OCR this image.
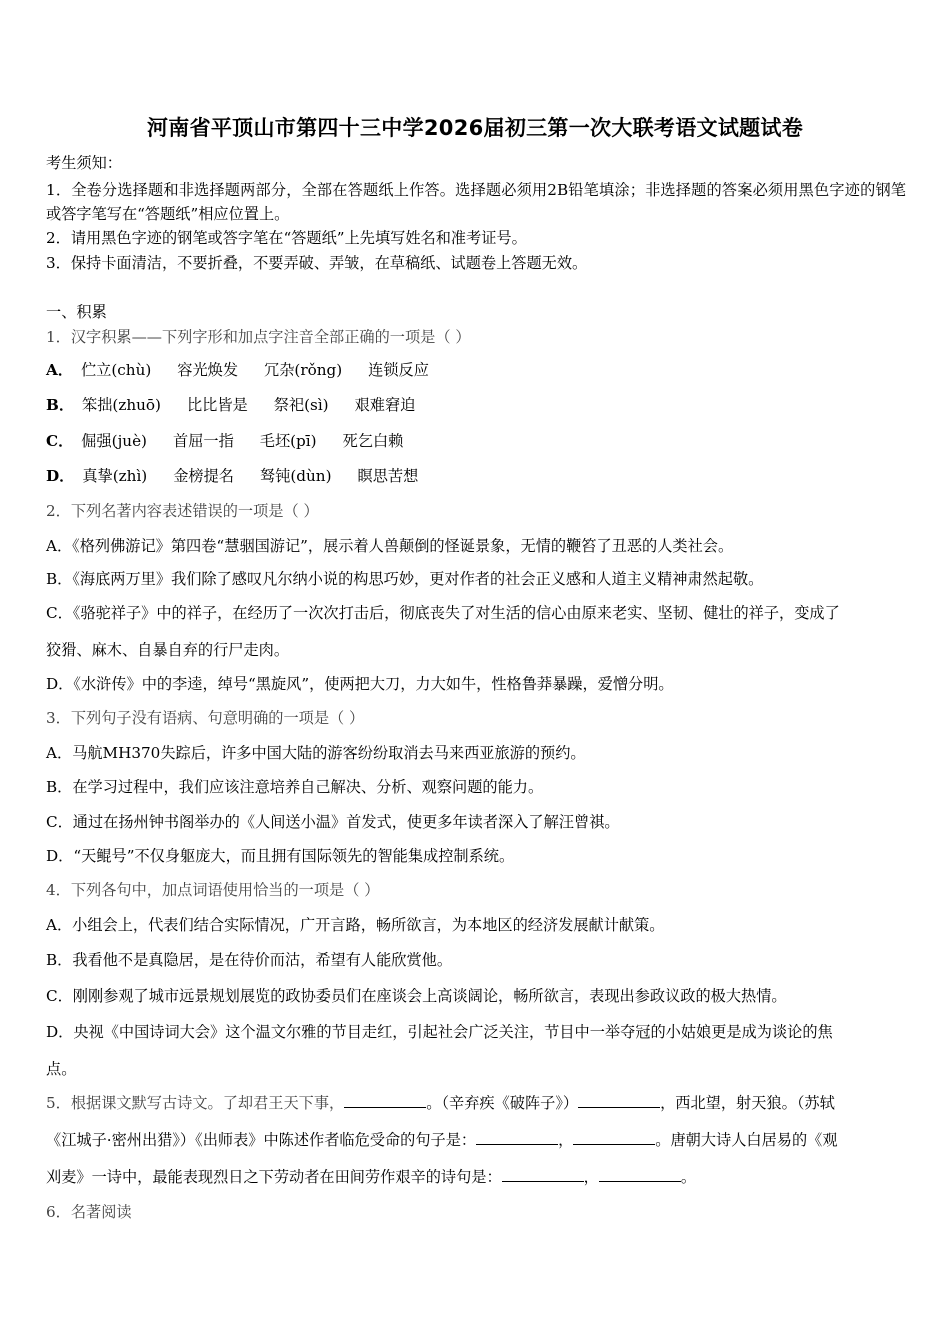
河南省平顶山市第四十三中学2026届初三第一次大联考语文试题试卷
考生须知：
1．全卷分选择题和非选择题两部分，全部在答题纸上作答。选择题必须用2B铅笔填涂；非选择题的答案必须用黑色字迹的钢笔或答字笔写在“答题纸”相应位置上。
2．请用黑色字迹的钢笔或答字笔在“答题纸”上先填写姓名和准考证号。
3．保持卡面清洁，不要折叠，不要弄破、弄皱，在草稿纸、试题卷上答题无效。
一、积累
1．汉字积累——下列字形和加点字注音全部正确的一项是（ ）
A． 伫立(chù) 容光焕发 冗杂(rǒng) 连锁反应
B． 笨拙(zhuō) 比比皆是 祭祀(sì) 艰难窘迫
C． 倔强(juè) 首屈一指 毛坯(pī) 死乞白赖
D． 真挚(zhì) 金榜提名 驽钝(dùn) 瞑思苦想
2．下列名著内容表述错误的一项是（ ）
A．《格列佛游记》第四卷“慧骃国游记”，展示着人兽颠倒的怪诞景象，无情的鞭笞了丑恶的人类社会。
B．《海底两万里》我们除了感叹凡尔纳小说的构思巧妙，更对作者的社会正义感和人道主义精神肃然起敬。
C．《骆驼祥子》中的祥子，在经历了一次次打击后，彻底丧失了对生活的信心由原来老实、坚韧、健壮的祥子，变成了
狡猾、麻木、自暴自弃的行尸走肉。
D．《水浒传》中的李逵，绰号“黑旋风”，使两把大刀，力大如牛，性格鲁莽暴躁，爱憎分明。
3．下列句子没有语病、句意明确的一项是（ ）
A．马航MH370失踪后，许多中国大陆的游客纷纷取消去马来西亚旅游的预约。
B．在学习过程中，我们应该注意培养自己解决、分析、观察问题的能力。
C．通过在扬州钟书阁举办的《人间送小温》首发式，使更多年读者深入了解汪曾祺。
D．“天鲲号”不仅身躯庞大，而且拥有国际领先的智能集成控制系统。
4．下列各句中，加点词语使用恰当的一项是（ ）
A．小组会上，代表们结合实际情况，广开言路，畅所欲言，为本地区的经济发展献计献策。
B．我看他不是真隐居，是在待价而沽，希望有人能欣赏他。
C．刚刚参观了城市远景规划展览的政协委员们在座谈会上高谈阔论，畅所欲言，表现出参政议政的极大热情。
D．央视《中国诗词大会》这个温文尔雅的节目走红，引起社会广泛关注，节目中一举夺冠的小姑娘更是成为谈论的焦
点。
5．根据课文默写古诗文。了却君王天下事，	。（辛弃疾《破阵子》）	，西北望，射天狼。（苏轼
《江城子·密州出猎》）《出师表》中陈述作者临危受命的句子是：	，	。唐朝大诗人白居易的《观
刈麦》一诗中，最能表现烈日之下劳动者在田间劳作艰辛的诗句是：	，	。
6．名著阅读
